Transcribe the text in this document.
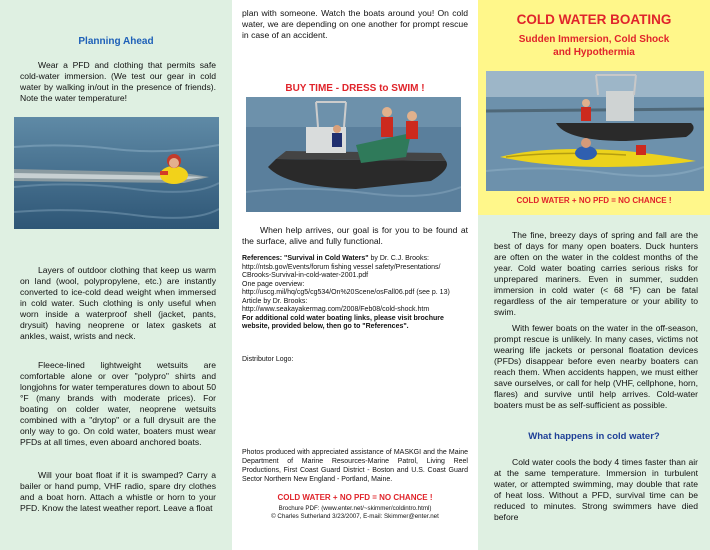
Planning Ahead

Wear a PFD and clothing that permits safe cold-water immersion. (We test our gear in cold water by walking in/out in the presence of friends). Note the water temperature!

Layers of outdoor clothing that keep us warm on land (wool, polypropylene, etc.) are instantly converted to ice-cold dead weight when immersed in cold water. Such clothing is only useful when worn inside a waterproof shell (jacket, pants, drysuit) having neoprene or latex gaskets at ankles, waist, wrists and neck.

Fleece-lined lightweight wetsuits are comfortable alone or over "polypro" shirts and longjohns for water temperatures down to about 50 °F (many brands with moderate prices). For boating on colder water, neoprene wetsuits combined with a "drytop" or a full drysuit are the only way to go. On cold water, boaters must wear PFDs at all times, even aboard anchored boats.

Will your boat float if it is swamped? Carry a bailer or hand pump, VHF radio, spare dry clothes and a boat horn. Attach a whistle or horn to your PFD. Know the latest weather report. Leave a float

plan with someone. Watch the boats around you! On cold water, we are depending on one another for prompt rescue in case of an accident.

BUY TIME - DRESS to SWIM !

When help arrives, our goal is for you to be found at the surface, alive and fully functional.

References: "Survival in Cold Waters" by Dr. C.J. Brooks:
http://ntsb.gov/Events/forum fishing vessel safety/Presentations/
CBrooks-Survival-in-cold-water-2001.pdf
One page overview:
http://uscg.mil/hq/cg5/cg534/On%20Scene/osFall06.pdf (see p. 13)
Article by Dr. Brooks:
http://www.seakayakermag.com/2008/Feb08/cold-shock.htm
For additional cold water boating links, please visit brochure
website, provided below, then go to "References".
Distributor Logo:

Photos produced with appreciated assistance of MASKGI and the Maine Department of Marine Resources-Marine Patrol, Living Reel Productions, First Coast Guard District - Boston and U.S. Coast Guard Sector Northern New England - Portland, Maine.

COLD WATER + NO PFD = NO CHANCE !
Brochure PDF: (www.enter.net/~skimmer/coldintro.html)
© Charles Sutherland 3/23/2007, E-mail: Skimmer@enter.net
COLD WATER BOATING
Sudden Immersion, Cold Shock
and Hypothermia
COLD WATER + NO PFD = NO CHANCE !

The fine, breezy days of spring and fall are the best of days for many open boaters. Duck hunters are often on the water in the coldest months of the year. Cold water boating carries serious risks for unprepared mariners. Even in summer, sudden immersion in cold water (< 68 °F) can be fatal regardless of the air temperature or your ability to swim.

With fewer boats on the water in the off-season, prompt rescue is unlikely. In many cases, victims not wearing life jackets or personal floatation devices (PFDs) disappear before even nearby boaters can reach them. When accidents happen, we must either save ourselves, or call for help (VHF, cellphone, horn, flares) and survive until help arrives. Cold-water boaters must be as self-sufficient as possible.

What happens in cold water?

Cold water cools the body 4 times faster than air at the same temperature. Immersion in turbulent water, or attempted swimming, may double that rate of heat loss. Without a PFD, survival time can be reduced to minutes. Strong swimmers have died before
